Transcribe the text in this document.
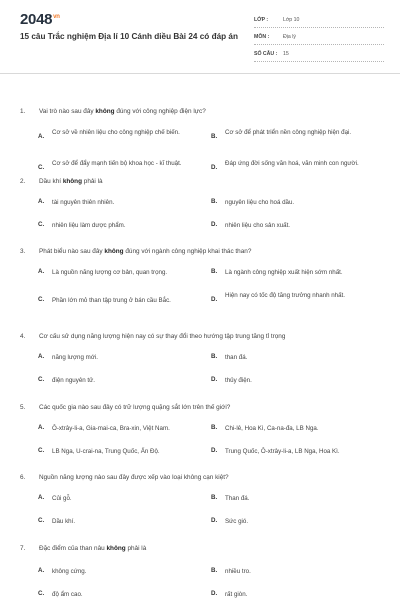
$2048^{vn}$
15 câu Trắc nghiệm Địa lí 10 Cánh diều Bài 24 có đáp án
LỚP :	Lớp 10
MÔN :	Địa lý
SỐ CÂU :	15
1. Vai trò nào sau đây không đúng với công nghiệp điện lực?
A.
Cơ sở về nhiên liệu cho công nghiệp chế biến.
B.
Cơ sở để phát triển nền công nghiệp hiện đại.
C.
Cơ sở để đẩy mạnh tiến bộ khoa học - kĩ thuật.
D.
Đáp ứng đời sống văn hoá, văn minh con người.
2. Dầu khí không phải là
A. tài nguyên thiên nhiên.	B. nguyên liệu cho hoá dầu.
C. nhiên liệu làm dược phẩm.	D. nhiên liệu cho sản xuất.
3. Phát biểu nào sau đây không đúng với ngành công nghiệp khai thác than?
A. Là nguồn năng lượng cơ bản, quan trọng.	B. Là ngành công nghiệp xuất hiện sớm nhất.
C. Phần lớn mỏ than tập trung ở bán cầu Bắc.	D.
Hiện nay có tốc độ tăng trưởng nhanh nhất.
4. Cơ cấu sử dụng năng lượng hiện nay có sự thay đổi theo hướng tập trung tăng tỉ trọng
A. năng lượng mới.	B. than đá.
C. điện nguyên tử.	D. thủy điện.
5. Các quốc gia nào sau đây có trữ lượng quặng sắt lớn trên thế giới?
A. Ô-xtrây-li-a, Gia-mai-ca, Bra-xin, Việt Nam.	B. Chi-lê, Hoa Kì, Ca-na-đa, LB Nga.
C. LB Nga, U-crai-na, Trung Quốc, Ấn Độ.	D. Trung Quốc, Ô-xtrây-li-a, LB Nga, Hoa Kì.
6. Nguồn năng lượng nào sau đây được xếp vào loại không cạn kiệt?
A. Củi gỗ.	B. Than đá.
C. Dầu khí.	D. Sức gió.
7. Đặc điểm của than nâu không phải là
A. không cứng.	B. nhiều tro.
C. độ ẩm cao.	D. rất giòn.
